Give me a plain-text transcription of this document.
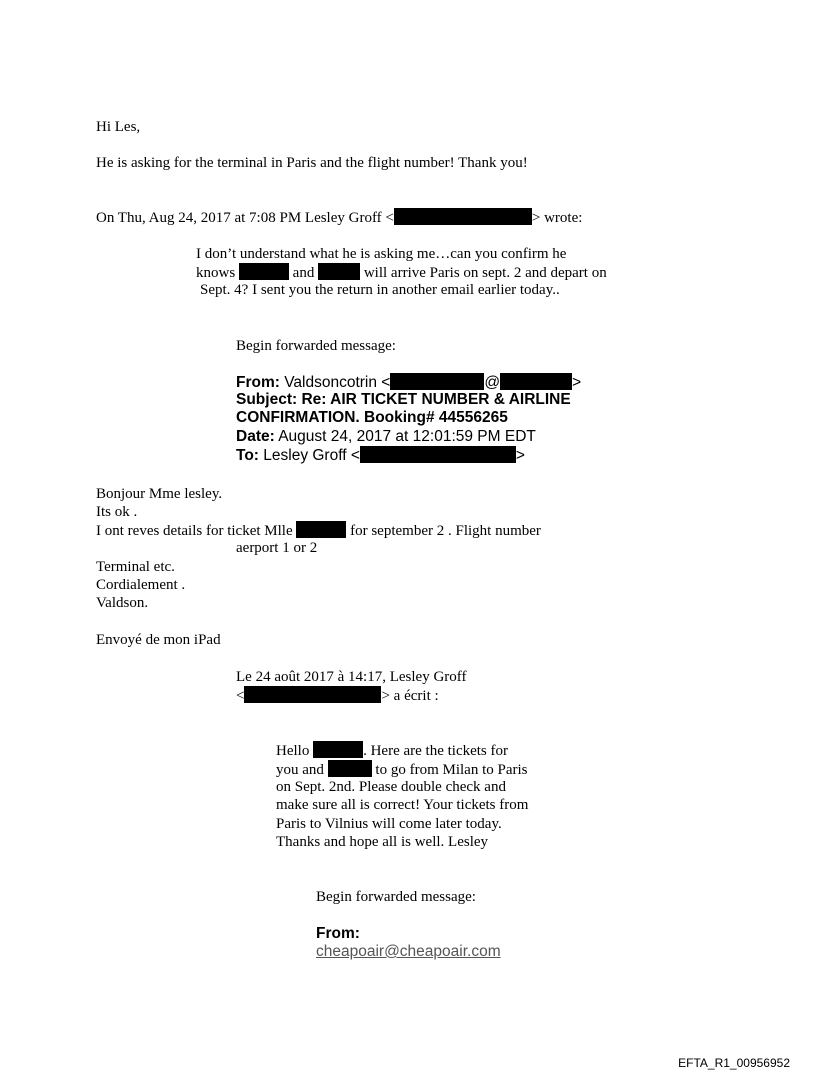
Hi Les,
He is asking for the terminal in Paris and the flight number! Thank you!
On Thu, Aug 24, 2017 at 7:08 PM Lesley Groff <	> wrote:
I don’t understand what he is asking me…can you confirm he
knows	and	will arrive Paris on sept. 2 and depart on
Sept. 4? I sent you the return in another email earlier today..
Begin forwarded message:
From: Valdsoncotrin <	@	>
Subject: Re: AIR TICKET NUMBER & AIRLINE
CONFIRMATION. Booking# 44556265
Date: August 24, 2017 at 12:01:59 PM EDT
To: Lesley Groff <	>
Bonjour Mme lesley.
Its ok .
I ont reves details for ticket Mlle	for september 2 . Flight number
aerport 1 or 2
Terminal etc.
Cordialement .
Valdson.
Envoyé de mon iPad
Le 24 août 2017 à 14:17, Lesley Groff
<	> a écrit :
Hello	. Here are the tickets for
you and	to go from Milan to Paris
on Sept. 2nd. Please double check and
make sure all is correct! Your tickets from
Paris to Vilnius will come later today.
Thanks and hope all is well. Lesley
Begin forwarded message:
From:
cheapoair@cheapoair.com
EFTA_R1_00956952
